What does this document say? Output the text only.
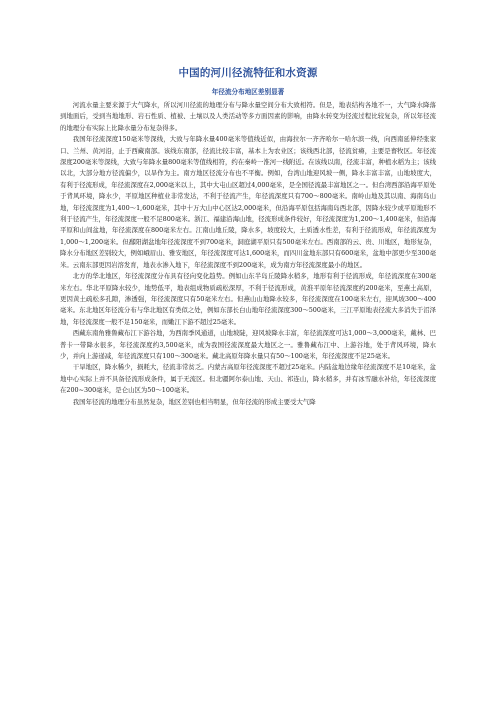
中国的河川径流特征和水资源
年径流分布地区差别显著

河流水量主要来源于大气降水，所以河川径流的地理分布与降水量空间分布大致相符。但是，地表结构各地不一，大气降水降落到地面后，受到当地地形、岩石性质、植被、土壤以及人类活动等多方面因素的影响，由降水转变为径流过程比较复杂，所以年径流的地理分布实际上比降水量分布复杂得多。

我国年径流深度150毫米等深线，大致与年降水量400毫米等值线近似，由海拉尔一齐齐哈尔一哈尔滨一线，向西南延伸经张家口、兰州、黄河沿，止于西藏南部。该线东南部，径流比较丰富，基本上为农业区；该线西北部，径流贫瘠，主要是畜牧区。年径流深度200毫米等深线，大致与年降水量800毫米等值线相符，约在秦岭一淮河一线附近。在该线以南，径流丰富，种植水稻为主；该线以北，大部分地方径流偏少，以旱作为主。南方地区径流分布也不平衡。例如，台湾山地迎风坡一侧，降水丰富丰富，山地坡度大，有利于径流形成，年径流深度在2,000毫米以上，其中大屯山区超过4,000毫米，是全国径流最丰富地区之一。但台湾西部沿海平原处于背风环境，降水少，平原地区种植业非常发达，不利于径流产生，年径流深度只有700～800毫米。南岭山地及其以南、海南岛山地，年径流深度为1,400～1,600毫米，其中十万大山中心区达2,000毫米，但沿海平原包括海南岛西北部，因降水较少或平原地形不利于径流产生，年径流深度一般不足800毫米。浙江、福建沿海山地，径流形成条件较好，年径流深度为1,200～1,400毫米，但沿海平原和山间盆地，年径流深度在800毫米左右。江南山地丘陵，降水多，坡度较大，土质透水性差，有利于径流形成，年径流深度为1,000～1,200毫米。但鄱阳湖盆地年径流深度不到700毫米，洞庭湖平原只有500毫米左右。西南部的云、贵、川地区，地形复杂，降水分布地区差别较大，例如峨眉山、雅安地区，年径流深度可达1,600毫米，而四川盆地东部只有600毫米，盆地中部更少至300毫米。云南东部更因岩溶发育，地表水渗入地下，年径流深度不到200毫米，成为南方年径流深度最小的地区。

北方的华北地区，年径流深度分布具有径向变化趋势。例如山东半岛丘陵降水稍多，地形有利于径流形成，年径流深度在300毫米左右。华北平原降水较少，地势低平，地表组成物质疏松深厚，不利于径流形成，黄淮平原年径流深度约200毫米，至燕土高原，更因黄土疏松多孔隙，渗透强，年径流深度只有50毫米左右。但燕山山地降水较多，年径流深度在100毫米左右，迎风坡300～400毫米。东北地区年径流分布与华北地区有类似之处，例如东部长白山地年径流深度300～500毫米，三江平原地表径流大多消失于沼泽地，年径流深度一般不足150毫米，而嫩江下游不超过25毫米。

西藏东南角雅鲁藏布江下游谷地，为西南季风通道，山地坡陡，迎风坡降水丰富，年径流深度可达1,000～3,000毫米，戴林、巴普卡一带降水很多，年径流深度约3,500毫米，成为我国径流深度最大地区之一。雅鲁藏布江中、上游谷地，处于背风环境，降水少，并向上游递减，年径流深度只有100～300毫米。藏北高原年降水量只有50～100毫米，年径流深度不足25毫米。

干旱地区，降水稀少，损耗大，径流非常贫乏。内蒙古高原年径流深度不超过25毫米。内陆盆地边缘年径流深度不足10毫米，盆地中心实际上并不具备径流形成条件，属于无流区。但北疆阿尔泰山地、天山、祁连山，降水稍多，并有冰雪融水补给，年径流深度在200~300毫米，是仑山区为50～100毫米。

我国年径流的地理分布虽然复杂，地区差别也相当明显，但年径流的形成主要受大气降
